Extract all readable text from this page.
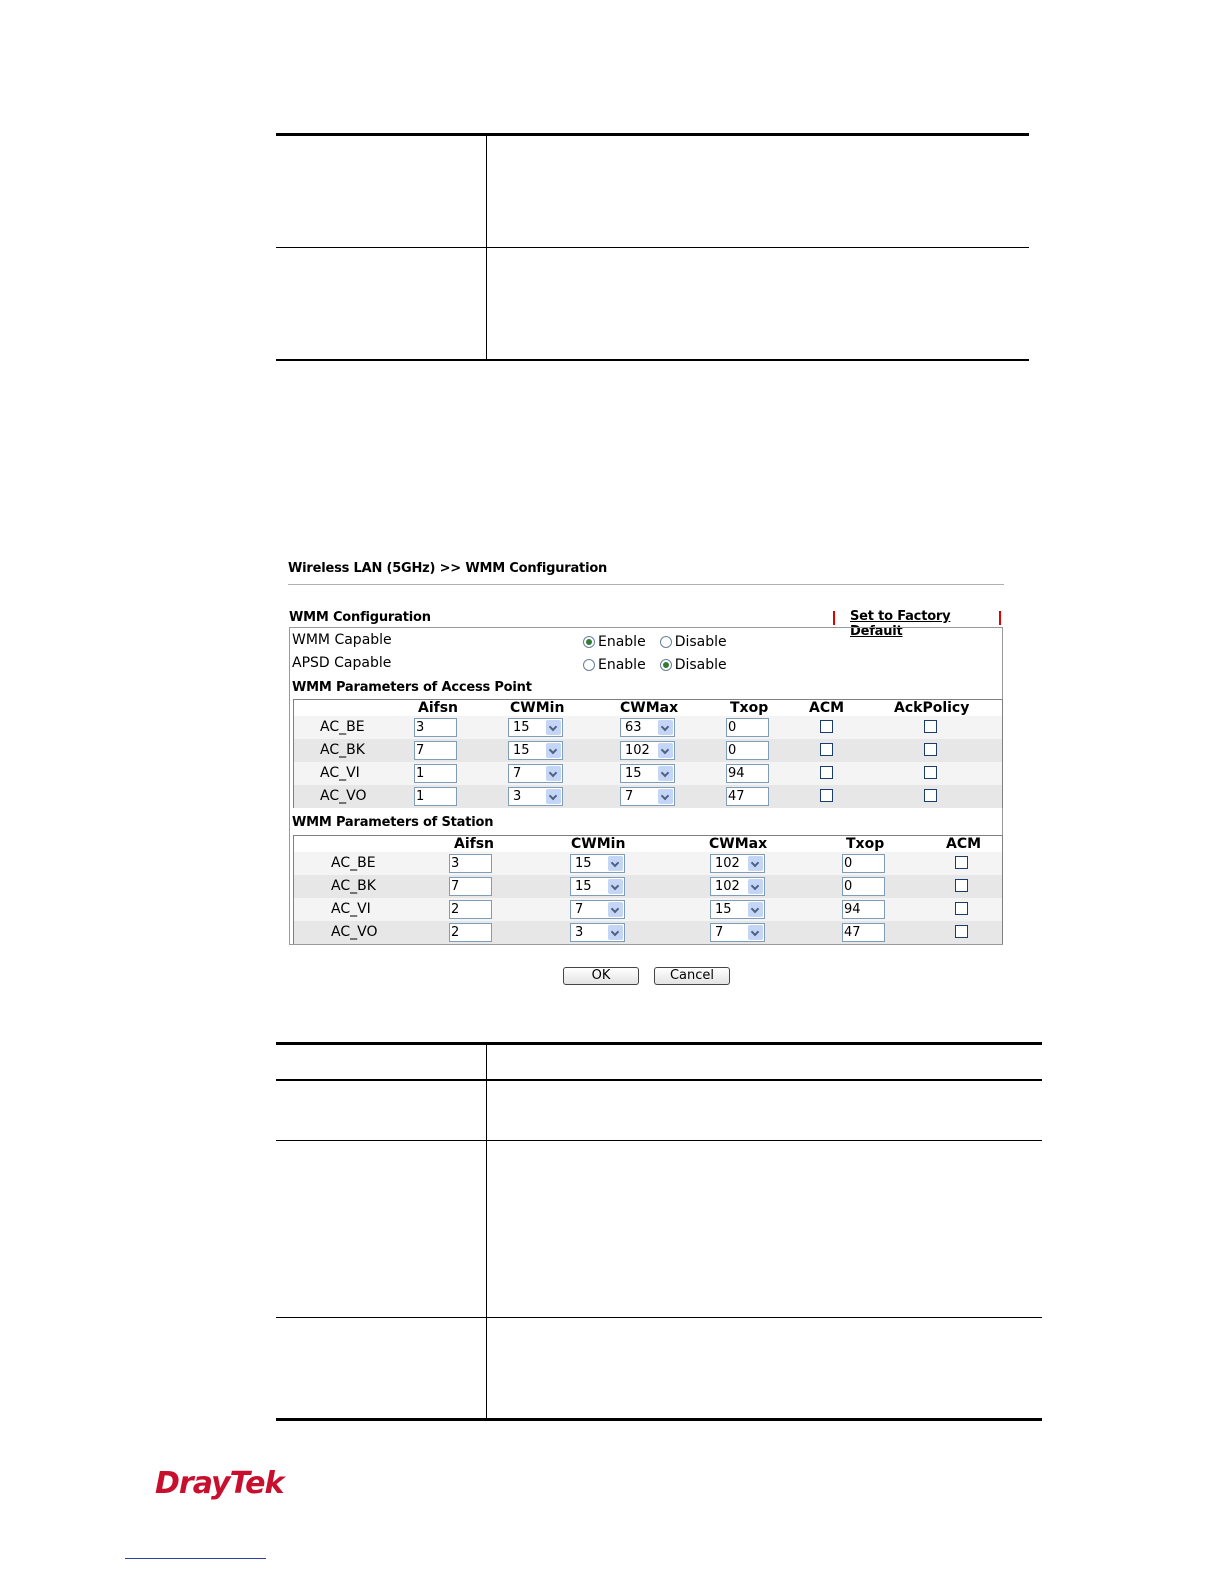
Wireless LAN (5GHz) >> WMM Configuration
WMM Configuration	Set to Factory Default
WMM Capable	Enable Disable
APSD Capable	Enable Disable
WMM Parameters of Access Point
Aifsn	CWMin	CWMax	Txop	ACM	AckPolicy
AC_BE	3	15	63	0
AC_BK	7	15	102	0
AC_VI	1	7	15	94
AC_VO	1	3	7	47
WMM Parameters of Station
Aifsn	CWMin	CWMax	Txop	ACM
AC_BE	3	15	102	0
AC_BK	7	15	102	0
AC_VI	2	7	15	94
AC_VO	2	3	7	47
OK	Cancel
DrayTek
